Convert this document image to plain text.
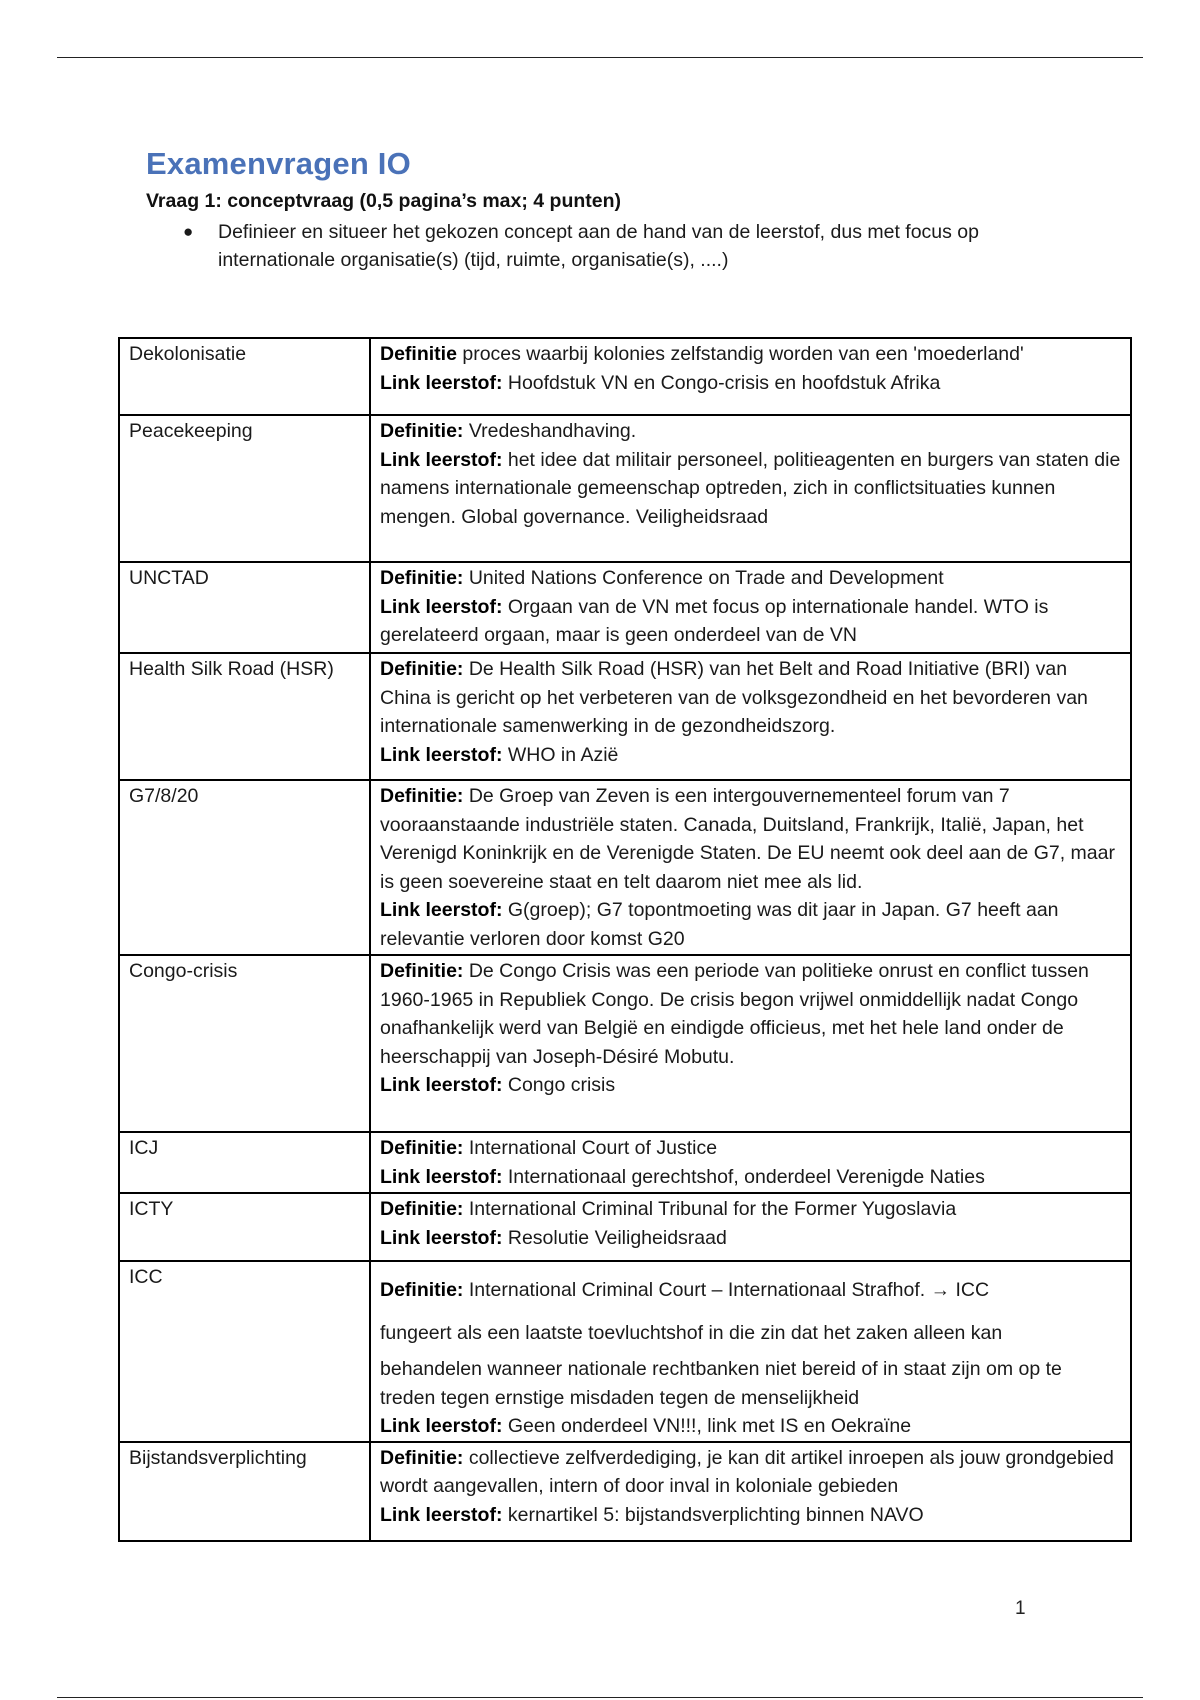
Examenvragen IO
Vraag 1: conceptvraag (0,5 pagina’s max; 4 punten)
● Definieer en situeer het gekozen concept aan de hand van de leerstof, dus met focus op internationale organisatie(s) (tijd, ruimte, organisatie(s), ....)
Dekolonisatie	Definitie proces waarbij kolonies zelfstandig worden van een 'moederland'
Link leerstof: Hoofdstuk VN en Congo-crisis en hoofdstuk Afrika

Peacekeeping	Definitie: Vredeshandhaving.
Link leerstof: het idee dat militair personeel, politieagenten en burgers van staten die namens internationale gemeenschap optreden, zich in conflictsituaties kunnen mengen. Global governance. Veiligheidsraad

UNCTAD	Definitie: United Nations Conference on Trade and Development
Link leerstof: Orgaan van de VN met focus op internationale handel. WTO is gerelateerd orgaan, maar is geen onderdeel van de VN

Health Silk Road (HSR)	Definitie: De Health Silk Road (HSR) van het Belt and Road Initiative (BRI) van China is gericht op het verbeteren van de volksgezondheid en het bevorderen van internationale samenwerking in de gezondheidszorg.
Link leerstof: WHO in Azië

G7/8/20	Definitie: De Groep van Zeven is een intergouvernementeel forum van 7 vooraanstaande industriële staten. Canada, Duitsland, Frankrijk, Italië, Japan, het Verenigd Koninkrijk en de Verenigde Staten. De EU neemt ook deel aan de G7, maar is geen soevereine staat en telt daarom niet mee als lid.
Link leerstof: G(groep); G7 topontmoeting was dit jaar in Japan. G7 heeft aan relevantie verloren door komst G20

Congo-crisis	Definitie: De Congo Crisis was een periode van politieke onrust en conflict tussen 1960-1965 in Republiek Congo. De crisis begon vrijwel onmiddellijk nadat Congo onafhankelijk werd van België en eindigde officieus, met het hele land onder de heerschappij van Joseph-Désiré Mobutu.
Link leerstof: Congo crisis

ICJ	Definitie: International Court of Justice
Link leerstof: Internationaal gerechtshof, onderdeel Verenigde Naties

ICTY	Definitie: International Criminal Tribunal for the Former Yugoslavia
Link leerstof: Resolutie Veiligheidsraad

ICC	Definitie: International Criminal Court – Internationaal Strafhof. → ICC
fungeert als een laatste toevluchtshof in die zin dat het zaken alleen kan
behandelen wanneer nationale rechtbanken niet bereid of in staat zijn om op te treden tegen ernstige misdaden tegen de menselijkheid
Link leerstof: Geen onderdeel VN!!!, link met IS en Oekraïne

Bijstandsverplichting	Definitie: collectieve zelfverdediging, je kan dit artikel inroepen als jouw grondgebied wordt aangevallen, intern of door inval in koloniale gebieden
Link leerstof: kernartikel 5: bijstandsverplichting binnen NAVO
1
